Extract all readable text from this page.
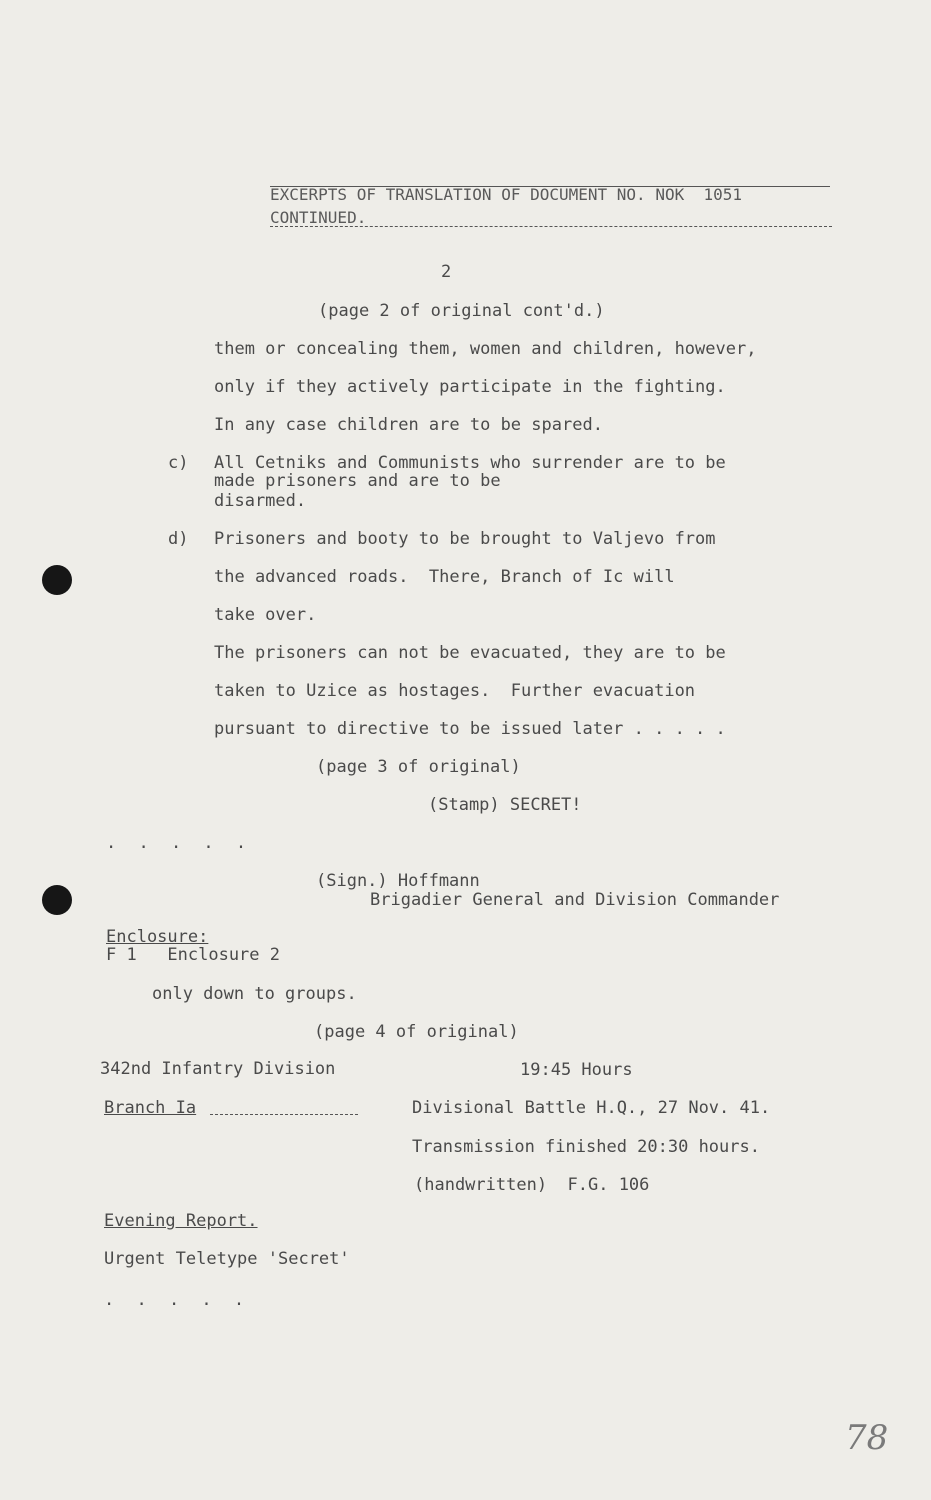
EXCERPTS OF TRANSLATION OF DOCUMENT NO. NOK  1051
CONTINUED.
2
(page 2 of original cont'd.)
them or concealing them, women and children, however,
only if they actively participate in the fighting.
In any case children are to be spared.
c) All Cetniks and Communists who surrender are to be
made prisoners and are to be
disarmed.
d) Prisoners and booty to be brought to Valjevo from
the advanced roads.  There, Branch of Ic will
take over.
The prisoners can not be evacuated, they are to be
taken to Uzice as hostages.  Further evacuation
pursuant to directive to be issued later . . . . .
(page 3 of original)
(Stamp) SECRET!
. . . . .
(Sign.) Hoffmann
Brigadier General and Division Commander
Enclosure:
F 1   Enclosure 2
only down to groups.
(page 4 of original)
342nd Infantry Division	19:45 Hours
Branch Ia	Divisional Battle H.Q., 27 Nov. 41.
Transmission finished 20:30 hours.
(handwritten)  F.G. 106
Evening Report.
Urgent Teletype 'Secret'
. . . . .
78
